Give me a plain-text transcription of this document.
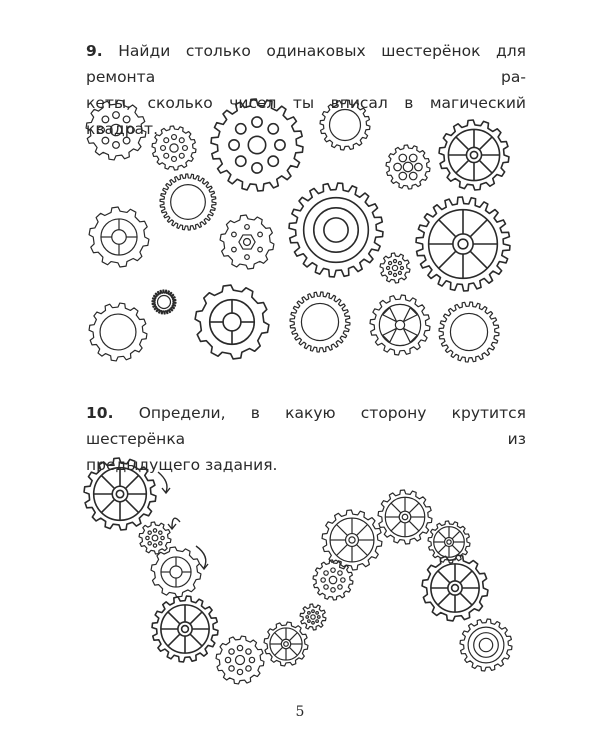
9. Найди столько одинаковых шестерёнок для ремонта ра-
кеты, сколько чисел ты вписал в магический квадрат.

10. Определи, в какую сторону крутится шестерёнка из
предыдущего задания.

5
